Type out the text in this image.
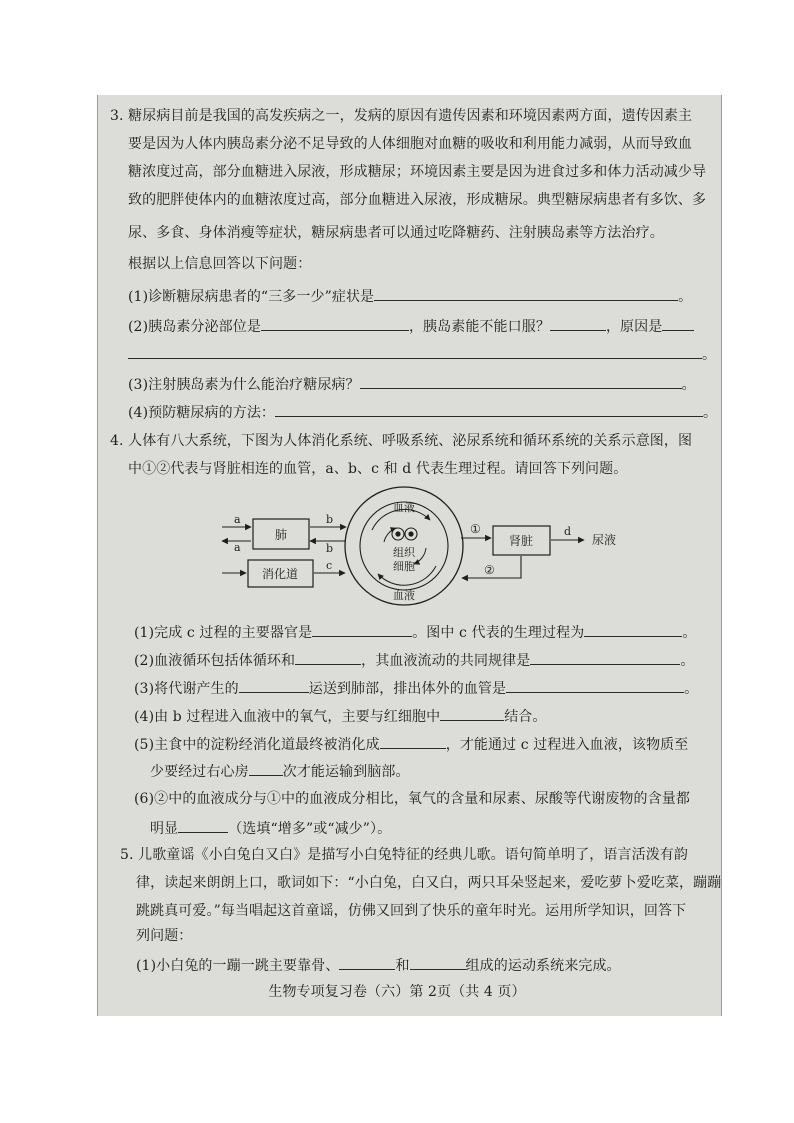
3. 糖尿病目前是我国的高发疾病之一，发病的原因有遗传因素和环境因素两方面，遗传因素主
要是因为人体内胰岛素分泌不足导致的人体细胞对血糖的吸收和利用能力减弱，从而导致血
糖浓度过高，部分血糖进入尿液，形成糖尿；环境因素主要是因为进食过多和体力活动减少导
致的肥胖使体内的血糖浓度过高，部分血糖进入尿液，形成糖尿。典型糖尿病患者有多饮、多
尿、多食、身体消瘦等症状，糖尿病患者可以通过吃降糖药、注射胰岛素等方法治疗。
根据以上信息回答以下问题：
(1)诊断糖尿病患者的“三多一少”症状是	。
(2)胰岛素分泌部位是	，胰岛素能不能口服？	，原因是
。
(3)注射胰岛素为什么能治疗糖尿病？	。
(4)预防糖尿病的方法：	。
4. 人体有八大系统，下图为人体消化系统、呼吸系统、泌尿系统和循环系统的关系示意图，图
中①②代表与肾脏相连的血管，a、b、c 和 d 代表生理过程。请回答下列问题。
肺
消化道
a
a
b
b
c
血液
血液
组织
细胞
肾脏
①
②
d
尿液
(1)完成 c 过程的主要器官是	。图中 c 代表的生理过程为	。
(2)血液循环包括体循环和	，其血液流动的共同规律是	。
(3)将代谢产生的	运送到肺部，排出体外的血管是	。
(4)由 b 过程进入血液中的氧气，主要与红细胞中	结合。
(5)主食中的淀粉经消化道最终被消化成	，才能通过 c 过程进入血液，该物质至
少要经过右心房 次才能运输到脑部。
(6)②中的血液成分与①中的血液成分相比，氧气的含量和尿素、尿酸等代谢废物的含量都
明显	（选填“增多”或“减少”）。
5. 儿歌童谣《小白兔白又白》是描写小白兔特征的经典儿歌。语句简单明了，语言活泼有韵
律，读起来朗朗上口，歌词如下：“小白兔，白又白，两只耳朵竖起来，爱吃萝卜爱吃菜，蹦蹦
跳跳真可爱。”每当唱起这首童谣，仿佛又回到了快乐的童年时光。运用所学知识，回答下
列问题：
(1)小白兔的一蹦一跳主要靠骨、	和	组成的运动系统来完成。
生物专项复习卷（六）第 2页（共 4 页）
